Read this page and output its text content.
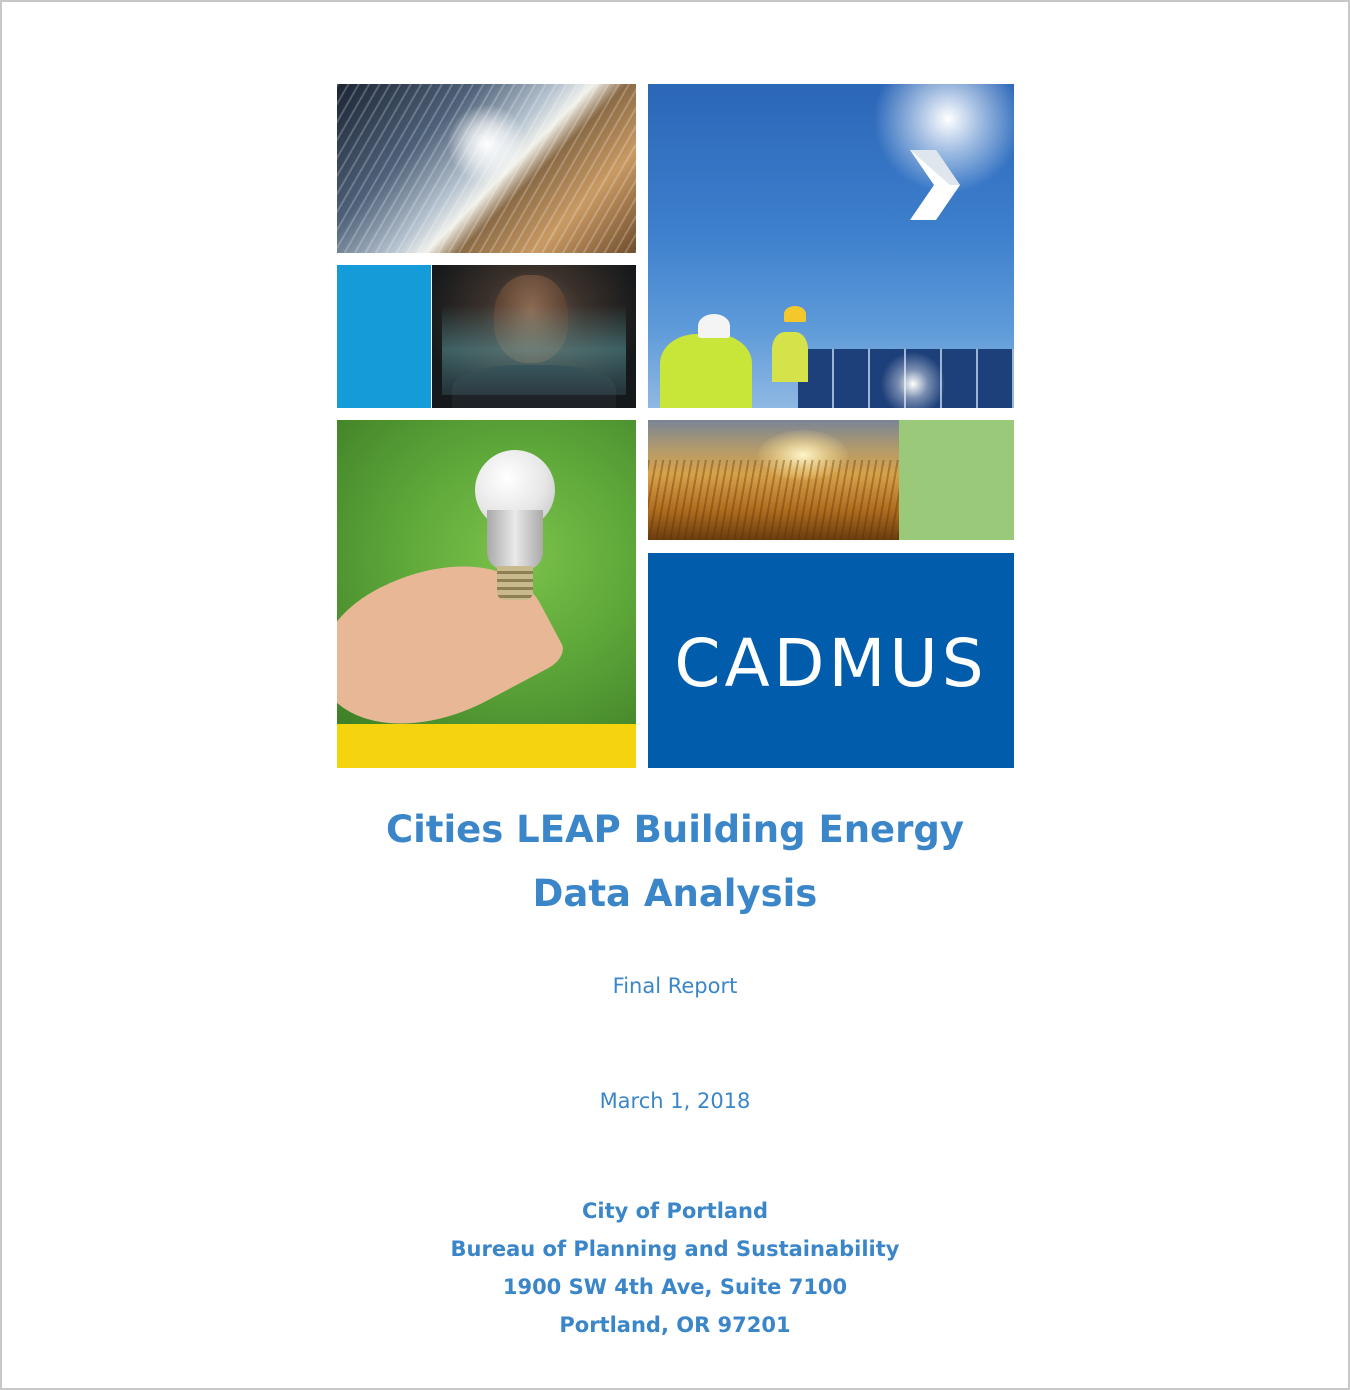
CADMUS
Cities LEAP Building Energy
Data Analysis
Final Report
March 1, 2018
City of Portland
Bureau of Planning and Sustainability
1900 SW 4th Ave, Suite 7100
Portland, OR 97201
